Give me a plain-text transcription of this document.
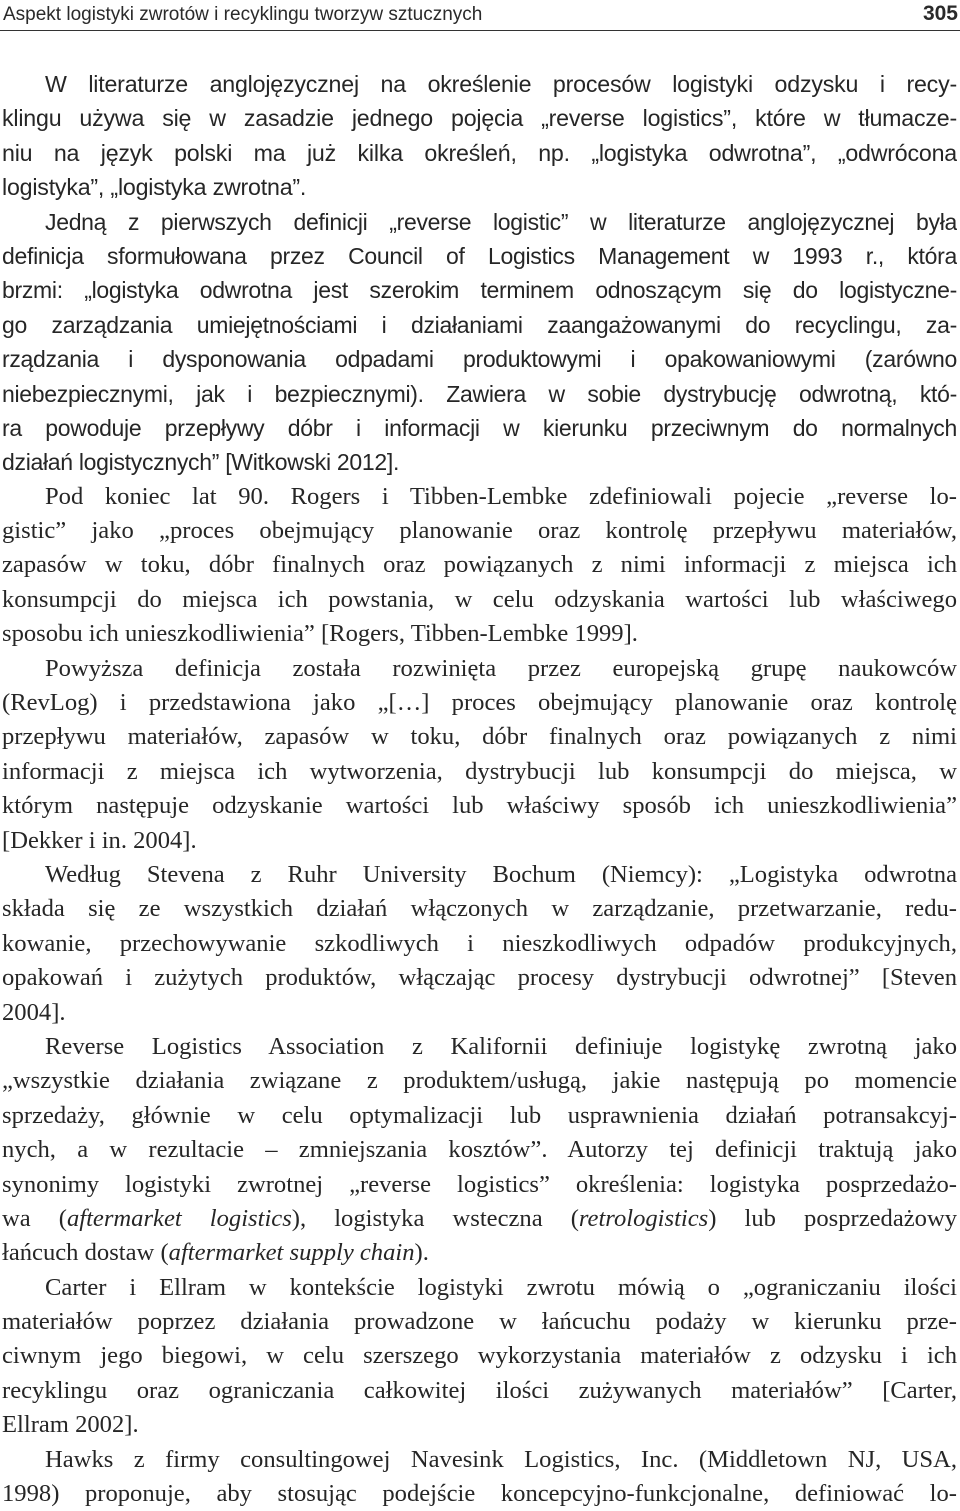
Aspekt logistyki zwrotów i recyklingu tworzyw sztucznych	305
W literaturze anglojęzycznej na określenie procesów logistyki odzysku i recy-
klingu używa się w zasadzie jednego pojęcia „reverse logistics”, które w tłumacze-
niu na język polski ma już kilka określeń, np. „logistyka odwrotna”, „odwrócona
logistyka”, „logistyka zwrotna”.
Jedną z pierwszych definicji „reverse logistic” w literaturze anglojęzycznej była
definicja sformułowana przez Council of Logistics Management w 1993 r., która
brzmi: „logistyka odwrotna jest szerokim terminem odnoszącym się do logistyczne-
go zarządzania umiejętnościami i działaniami zaangażowanymi do recyclingu, za-
rządzania i dysponowania odpadami produktowymi i opakowaniowymi (zarówno
niebezpiecznymi, jak i bezpiecznymi). Zawiera w sobie dystrybucję odwrotną, któ-
ra powoduje przepływy dóbr i informacji w kierunku przeciwnym do normalnych
działań logistycznych” [Witkowski 2012].
Pod koniec lat 90. Rogers i Tibben-Lembke zdefiniowali pojecie „reverse lo-
gistic” jako „proces obejmujący planowanie oraz kontrolę przepływu materiałów,
zapasów w toku, dóbr finalnych oraz powiązanych z nimi informacji z miejsca ich
konsumpcji do miejsca ich powstania, w celu odzyskania wartości lub właściwego
sposobu ich unieszkodliwienia” [Rogers, Tibben-Lembke 1999].
Powyższa definicja została rozwinięta przez europejską grupę naukowców
(RevLog) i przedstawiona jako „[…] proces obejmujący planowanie oraz kontrolę
przepływu materiałów, zapasów w toku, dóbr finalnych oraz powiązanych z nimi
informacji z miejsca ich wytworzenia, dystrybucji lub konsumpcji do miejsca, w
którym następuje odzyskanie wartości lub właściwy sposób ich unieszkodliwienia”
[Dekker i in. 2004].
Według Stevena z Ruhr University Bochum (Niemcy): „Logistyka odwrotna
składa się ze wszystkich działań włączonych w zarządzanie, przetwarzanie, redu-
kowanie, przechowywanie szkodliwych i nieszkodliwych odpadów produkcyjnych,
opakowań i zużytych produktów, włączając procesy dystrybucji odwrotnej” [Steven
2004].
Reverse Logistics Association z Kalifornii definiuje logistykę zwrotną jako
„wszystkie działania związane z produktem/usługą, jakie następują po momencie
sprzedaży, głównie w celu optymalizacji lub usprawnienia działań potransakcyj-
nych, a w rezultacie – zmniejszania kosztów”. Autorzy tej definicji traktują jako
synonimy logistyki zwrotnej „reverse logistics” określenia: logistyka posprzedażo-
wa (aftermarket logistics), logistyka wsteczna (retrologistics) lub posprzedażowy
łańcuch dostaw (aftermarket supply chain).
Carter i Ellram w kontekście logistyki zwrotu mówią o „ograniczaniu ilości
materiałów poprzez działania prowadzone w łańcuchu podaży w kierunku prze-
ciwnym jego biegowi, w celu szerszego wykorzystania materiałów z odzysku i ich
recyklingu oraz ograniczania całkowitej ilości zużywanych materiałów” [Carter,
Ellram 2002].
Hawks z firmy consultingowej Navesink Logistics, Inc. (Middletown NJ, USA,
1998) proponuje, aby stosując podejście koncepcyjno-funkcjonalne, definiować lo-
